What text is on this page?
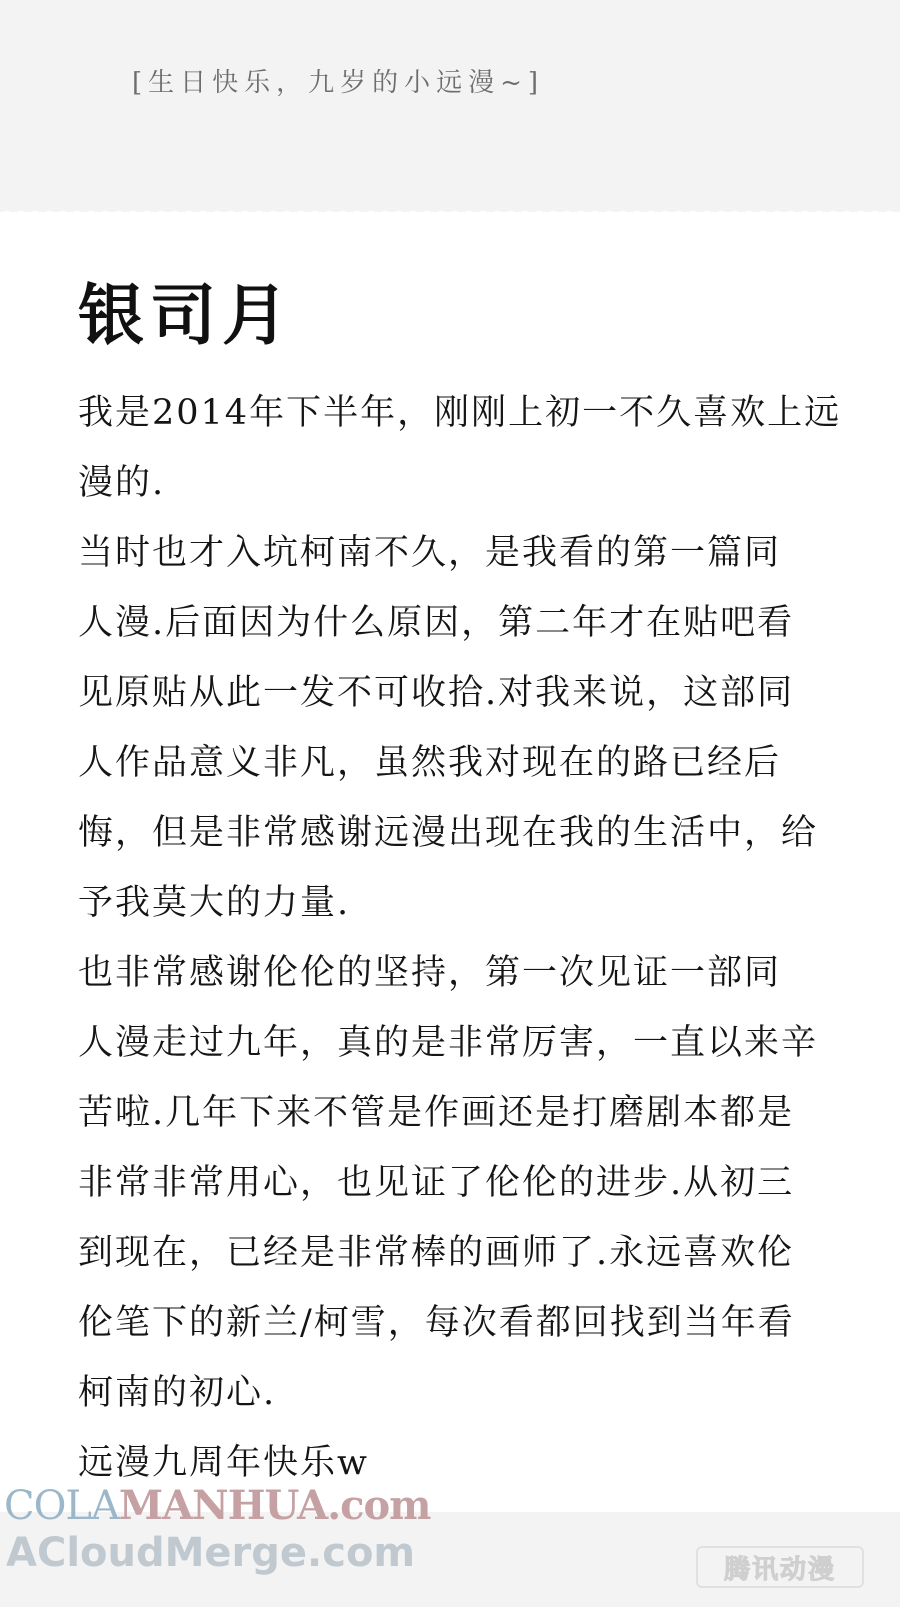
[生日快乐，九岁的小远漫~]
银司月
我是2014年下半年，刚刚上初一不久喜欢上远
漫的.
当时也才入坑柯南不久，是我看的第一篇同
人漫.后面因为什么原因，第二年才在贴吧看
见原贴从此一发不可收拾.对我来说，这部同
人作品意义非凡，虽然我对现在的路已经后
悔，但是非常感谢远漫出现在我的生活中，给
予我莫大的力量.
也非常感谢伦伦的坚持，第一次见证一部同
人漫走过九年，真的是非常厉害，一直以来辛
苦啦.几年下来不管是作画还是打磨剧本都是
非常非常用心，也见证了伦伦的进步.从初三
到现在，已经是非常棒的画师了.永远喜欢伦
伦笔下的新兰/柯雪，每次看都回找到当年看
柯南的初心.
远漫九周年快乐w
COLAMANHUA.com
ACloudMerge.com	腾讯动漫
